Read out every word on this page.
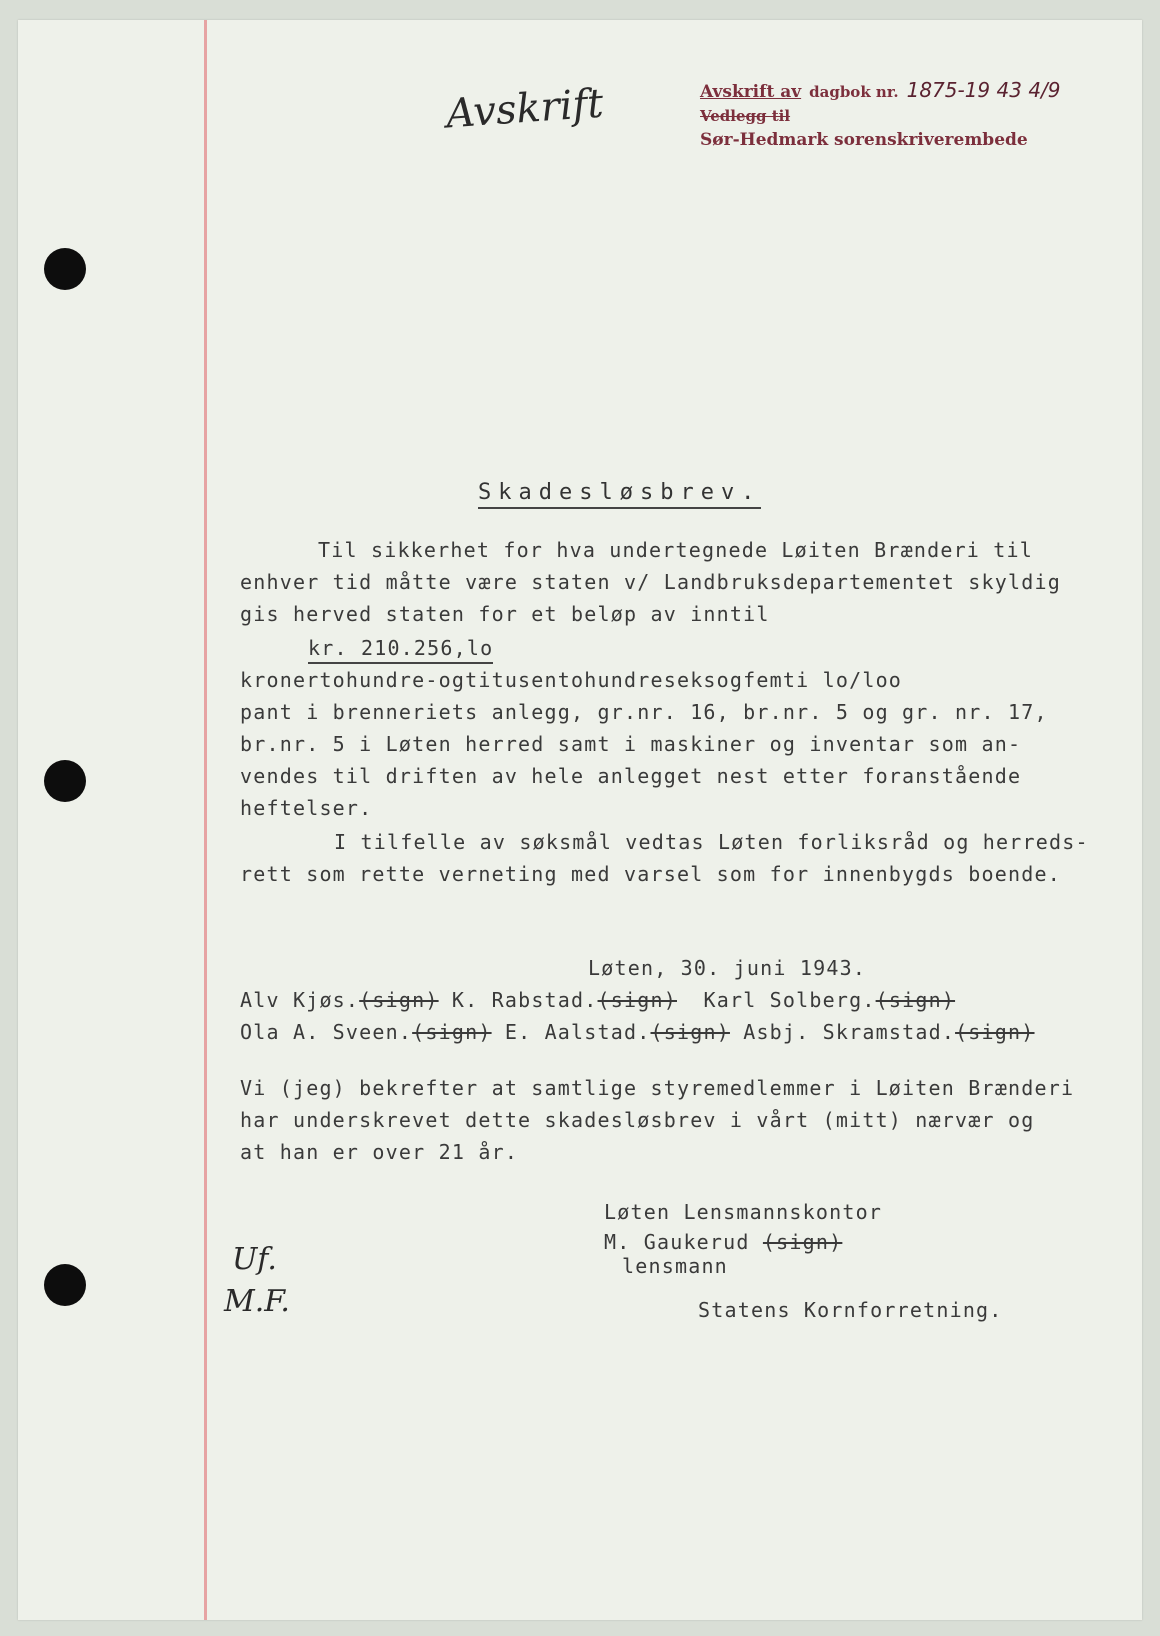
Avskrift	Avskrift av dagbok nr. 1875-19 43 4/9
Vedlegg til
Sør-Hedmark sorenskriverembede
Skadesløsbrev.
Til sikkerhet for hva undertegnede Løiten Brænderi til
enhver tid måtte være staten v/ Landbruksdepartementet skyldig
gis herved staten for et beløp av inntil
kr. 210.256,lo
kronertohundre-ogtitusentohundreseksogfemti lo/loo
pant i brenneriets anlegg, gr.nr. 16, br.nr. 5 og gr. nr. 17,
br.nr. 5 i Løten herred samt i maskiner og inventar som an-
vendes til driften av hele anlegget nest etter foranstående
heftelser.
I tilfelle av søksmål vedtas Løten forliksråd og herreds-
rett som rette verneting med varsel som for innenbygds boende.
Løten, 30. juni 1943.
Alv Kjøs.(sign) K. Rabstad.(sign) Karl Solberg.(sign)
Ola A. Sveen.(sign) E. Aalstad.(sign) Asbj. Skramstad.(sign)
Vi (jeg) bekrefter at samtlige styremedlemmer i Løiten Brænderi
har underskrevet dette skadesløsbrev i vårt (mitt) nærvær og
at han er over 21 år.
Løten Lensmannskontor
M. Gaukerud (sign)
lensmann
Statens Kornforretning.
Uf.
M.F.
